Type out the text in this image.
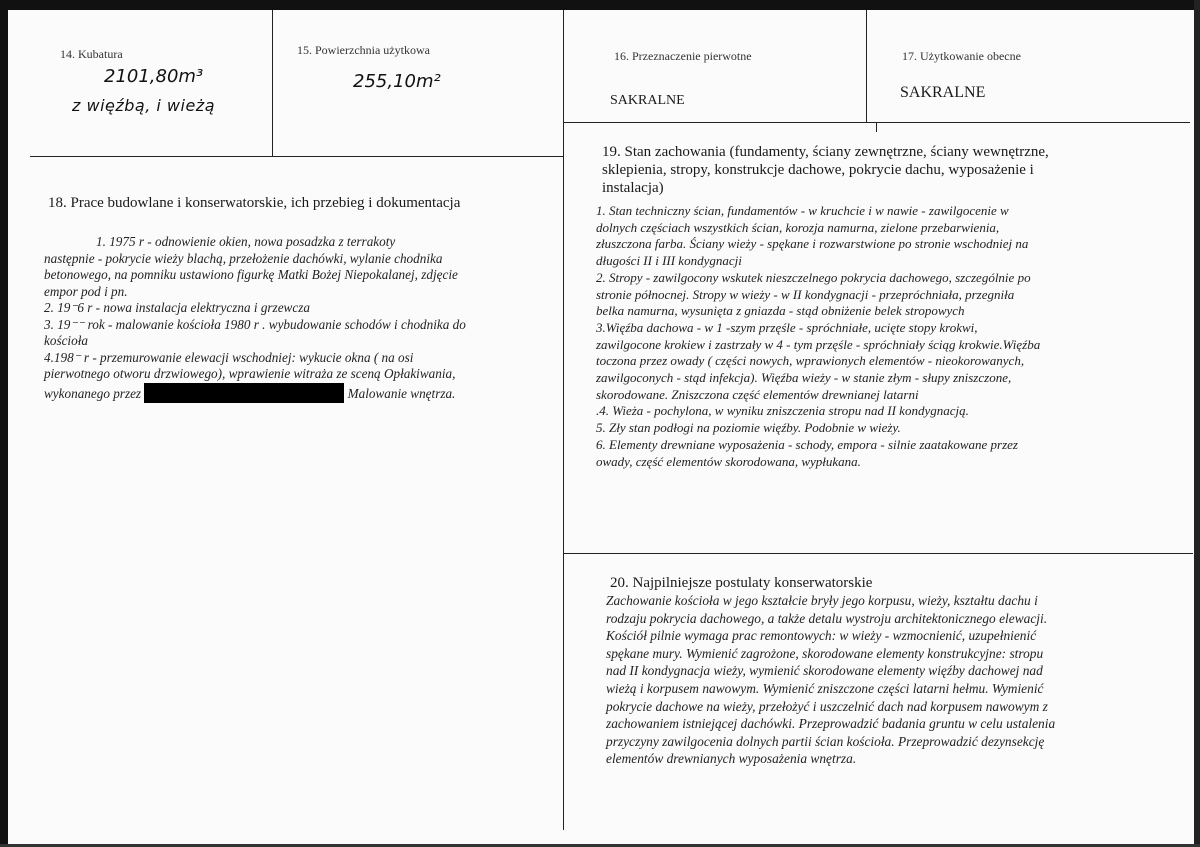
14. Kubatura
2101,80m³
z więźbą, i wieżą
15. Powierzchnia użytkowa
255,10m²
16. Przeznaczenie pierwotne
SAKRALNE
17. Użytkowanie obecne
SAKRALNE
18. Prace budowlane i konserwatorskie, ich przebieg i dokumentacja

1. 1975 r - odnowienie okien, nowa posadzka z terrakoty

następnie - pokrycie wieży blachą, przełożenie dachówki, wylanie chodnika

betonowego, na pomniku ustawiono figurkę Matki Bożej Niepokalanej, zdjęcie

empor pod i pn.

2. 19⁻6 r - nowa instalacja elektryczna i grzewcza

3. 19⁻⁻ rok - malowanie kościoła 1980 r . wybudowanie schodów i chodnika do

kościoła

4.198⁻ r - przemurowanie elewacji wschodniej: wykucie okna ( na osi

pierwotnego otworu drzwiowego), wprawienie witraża ze sceną Opłakiwania,

wykonanego przez	Malowanie wnętrza.

19. Stan zachowania (fundamenty, ściany zewnętrzne, ściany wewnętrzne,
sklepienia, stropy, konstrukcje dachowe, pokrycie dachu, wyposażenie i
instalacja)

1. Stan techniczny ścian, fundamentów - w kruchcie i w nawie - zawilgocenie w

dolnych częściach wszystkich ścian, korozja namurna, zielone przebarwienia,

złuszczona farba. Ściany wieży - spękane i rozwarstwione po stronie wschodniej na

długości II i III kondygnacji

2. Stropy - zawilgocony wskutek nieszczelnego pokrycia dachowego, szczególnie po

stronie północnej. Stropy w wieży - w II kondygnacji - przepróchniała, przegniła

belka namurna, wysunięta z gniazda - stąd obniżenie belek stropowych

3.Więźba dachowa - w 1 -szym przęśle - spróchniałe, ucięte stopy krokwi,

zawilgocone krokiew i zastrzały w 4 - tym przęśle - spróchniały ściąg krokwie.Więźba

toczona przez owady ( części nowych, wprawionych elementów - nieokorowanych,

zawilgoconych - stąd infekcja). Więźba wieży - w stanie złym - słupy zniszczone,

skorodowane. Zniszczona część elementów drewnianej latarni

.4. Wieża - pochylona, w wyniku zniszczenia stropu nad II kondygnacją.

5. Zły stan podłogi na poziomie więźby. Podobnie w wieży.

6. Elementy drewniane wyposażenia - schody, empora - silnie zaatakowane przez

owady, część elementów skorodowana, wypłukana.

20. Najpilniejsze postulaty konserwatorskie

Zachowanie kościoła w jego kształcie bryły jego korpusu, wieży, kształtu dachu i

rodzaju pokrycia dachowego, a także detalu wystroju architektonicznego elewacji.

Kościół pilnie wymaga prac remontowych: w wieży - wzmocnienić, uzupełnienić

spękane mury. Wymienić zagrożone, skorodowane elementy konstrukcyjne: stropu

nad II kondygnacja wieży, wymienić skorodowane elementy więźby dachowej nad

wieżą i korpusem nawowym. Wymienić zniszczone części latarni hełmu. Wymienić

pokrycie dachowe na wieży, przełożyć i uszczelnić dach nad korpusem nawowym z

zachowaniem istniejącej dachówki. Przeprowadzić badania gruntu w celu ustalenia

przyczyny zawilgocenia dolnych partii ścian kościoła. Przeprowadzić dezynsekcję

elementów drewnianych wyposażenia wnętrza.
